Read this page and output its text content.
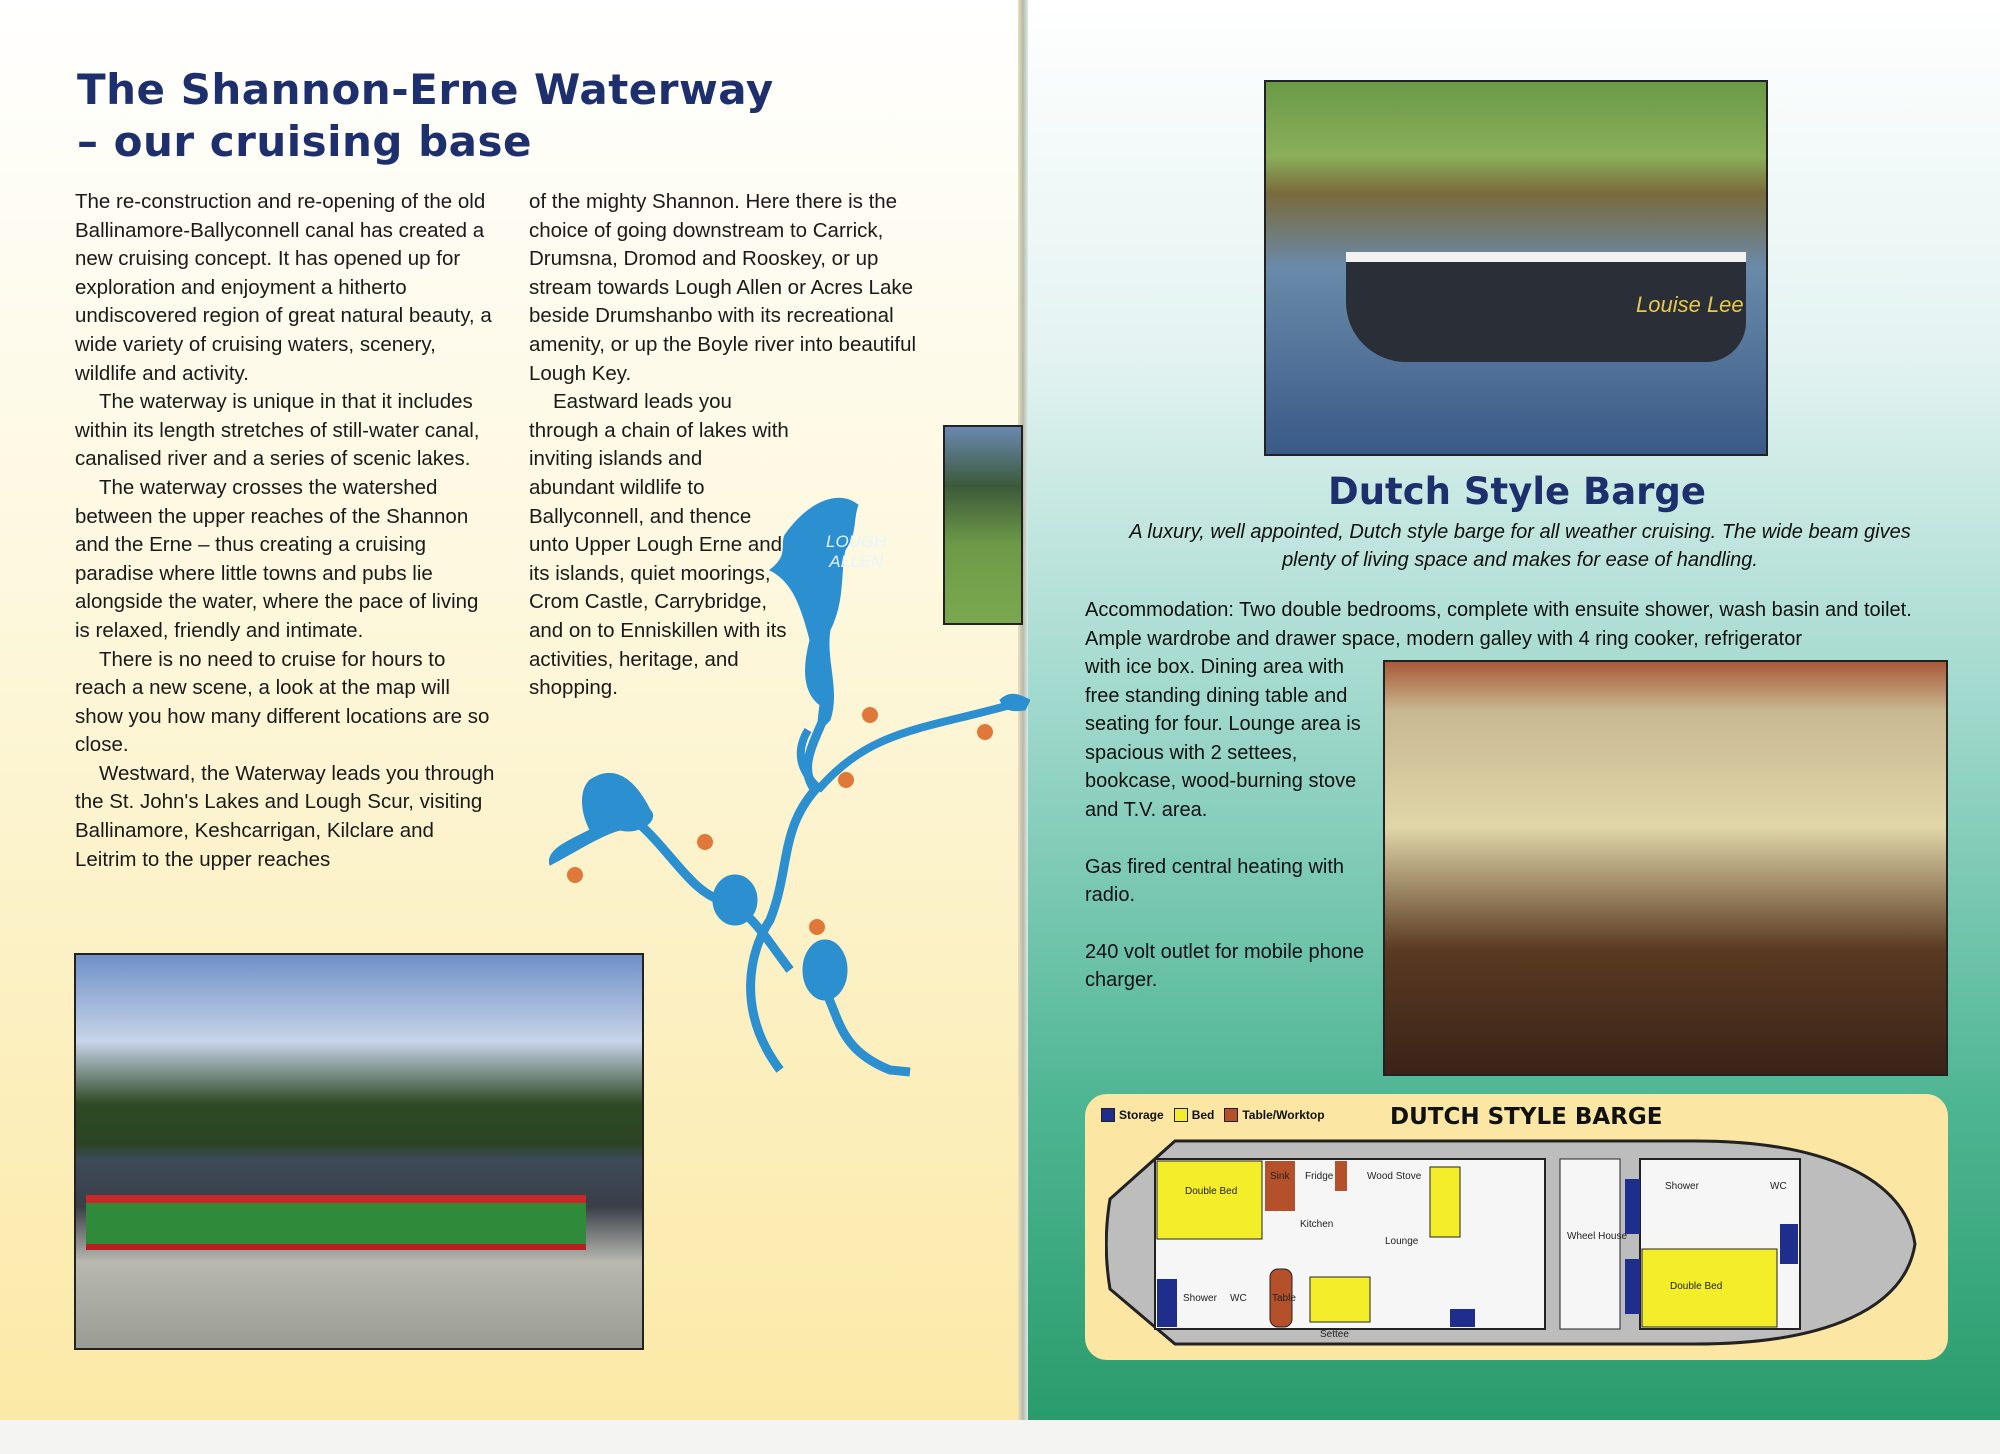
The Shannon-Erne Waterway
– our cruising base

The re-construction and re-opening of the old Ballinamore-Ballyconnell canal has created a new cruising concept. It has opened up for exploration and enjoyment a hitherto undiscovered region of great natural beauty, a wide variety of cruising waters, scenery, wildlife and activity.

The waterway is unique in that it includes within its length stretches of still-water canal, canalised river and a series of scenic lakes.

The waterway crosses the watershed between the upper reaches of the Shannon and the Erne – thus creating a cruising paradise where little towns and pubs lie alongside the water, where the pace of living is relaxed, friendly and intimate.

There is no need to cruise for hours to reach a new scene, a look at the map will show you how many different locations are so close.

Westward, the Waterway leads you through the St. John's Lakes and Lough Scur, visiting Ballinamore, Keshcarrigan, Kilclare and Leitrim to the upper reaches

of the mighty Shannon. Here there is the choice of going downstream to Carrick, Drumsna, Dromod and Rooskey, or up stream towards Lough Allen or Acres Lake beside Drumshanbo with its recreational amenity, or up the Boyle river into beautiful Lough Key.

Eastward leads you through a chain of lakes with inviting islands and abundant wildlife to Ballyconnell, and thence unto Upper Lough Erne and its islands, quiet moorings, Crom Castle, Carrybridge, and on to Enniskillen with its activities, heritage, and shopping.

LOUGH
ALLEN
Louise Lee
Dutch Style Barge
A luxury, well appointed, Dutch style barge for all weather cruising. The wide beam gives plenty of living space and makes for ease of handling.
Accommodation: Two double bedrooms, complete with ensuite shower, wash basin and toilet. Ample wardrobe and drawer space, modern galley with 4 ring cooker, refrigerator

with ice box. Dining area with free standing dining table and seating for four. Lounge area is spacious with 2 settees, bookcase, wood-burning stove and T.V. area.

Gas fired central heating with radio.

240 volt outlet for mobile phone charger.

Storage Bed Table/Worktop	DUTCH STYLE BARGE
Double Bed
Double Bed
Kitchen
Sink Fridge	Wood Stove
Lounge	Wheel House
Shower
Shower
WC
WC
Table
Settee
